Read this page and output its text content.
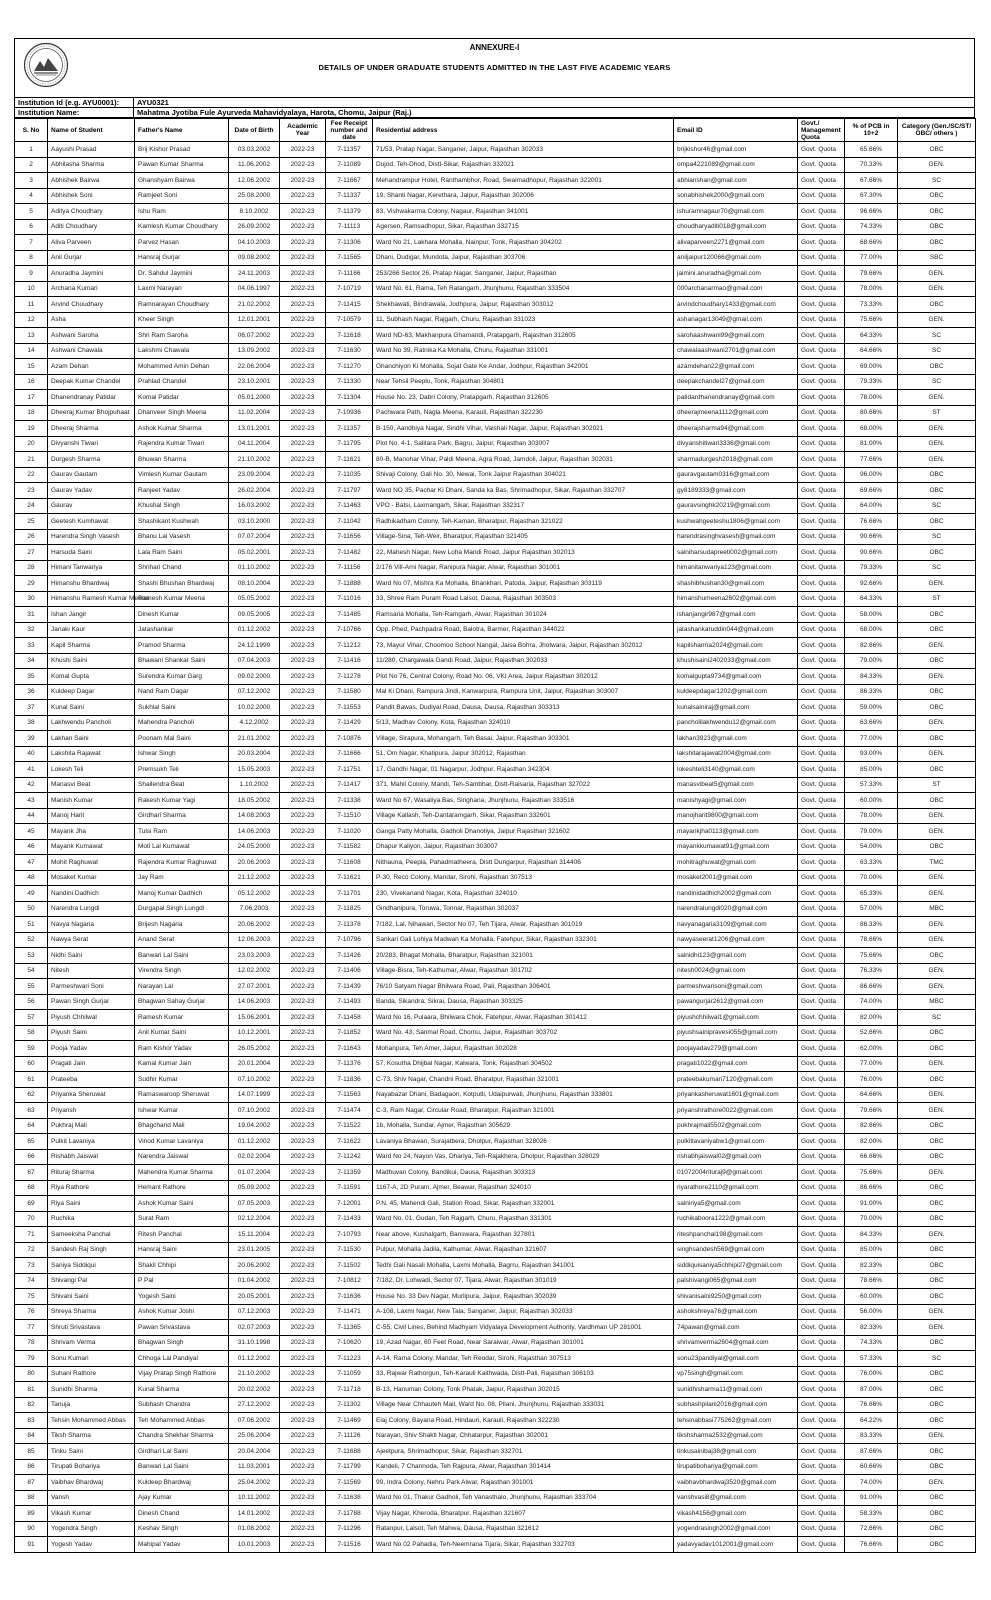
ANNEXURE-I
DETAILS OF UNDER GRADUATE STUDENTS ADMITTED IN THE LAST FIVE ACADEMIC YEARS
Institution Id (e.g. AYU0001):	AYU0321
Institution Name:	Mahatma Jyotiba Fule Ayurveda Mahavidyalaya, Harota, Chomu, Jaipur (Raj.)
S. No	Name of Student	Father's Name	Date of Birth	Academic Year	Fee Receipt number and date	Residential address	Email ID	Govt./ Management Quota	% of PCB in 10+2	Category (Gen./SC/ST/ OBC/ others )
1	Aayushi Prasad	Brij Kishor Prasad	03.03.2002	2022-23	7-11357	71/53, Pratap Nagar, Sanganer, Jaipur, Rajasthan 302033	brijkishor46@gmail.com	Govt. Quota	65.66%	OBC
2	Abhilasha Sharma	Pawan Kumar Sharma	11.06.2002	2022-23	7-11089	Dujod, Teh-Dhod, Distt-Sikar, Rajasthan 332021	ompa4221089@gmail.com	Govt. Quota	70.33%	GEN.
3	Abhishek Bairwa	Ghanshyam Bairwa	12.06.2002	2022-23	7-11667	Mehandrampur Hotel, Ranthambhor, Road, Swaimadhopur, Rajasthan 322001	abhianshan@gmail.com	Govt. Quota	67.66%	SC
4	Abhishek Soni	Ramjeet Soni	25.08.2000	2022-23	7-11337	19, Shanti Nagar, Kerethara, Jaipur, Rajasthan 302006	sonabhishek2000@gmail.com	Govt. Quota	67.30%	OBC
5	Aditya Choudhary	Ishu Ram	8.10.2002	2022-23	7-11379	83, Vishwakarma Colony, Nagaur, Rajasthan 341001	ishuramnagaur70@gmail.com	Govt. Quota	96.66%	OBC
6	Aditi Choudhary	Kamlesh Kumar Choudhary	26.09.2002	2022-23	7-11113	Agersen, Ramsadhopur, Sikar, Rajasthan 332715	choudharyaditi018@gmail.com	Govt. Quota	74.33%	OBC
7	Aliva Parveen	Parvez Hasan	04.10.2003	2022-23	7-11306	Ward No 21, Lakhara Mohalla, Nainpur, Tonk, Rajasthan 304202	alivaparveen2271@gmail.com	Govt. Quota	68.66%	OBC
8	Anil Gurjar	Hansraj Gurjar	09.08.2002	2022-23	7-11565	Dhani, Dudigar, Mundota, Jaipur, Rajasthan 303706	aniljaipur120066@gmail.com	Govt. Quota	77.00%	SBC
9	Anuradha Jaymini	Dr. Sahdul Jaymini	24.11.2003	2022-23	7-11166	253/266 Sector 26, Pratap Nagar, Sanganer, Jaipur, Rajasthan	jaimini.anuradha@gmail.com	Govt. Quota	79.66%	GEN.
10	Archana Kumari	Laxmi Narayan	04.06.1997	2022-23	7-10719	Ward No. 61, Rama, Teh Ratangarh, Jhunjhunu, Rajasthan 333504	000archanarmao@gmail.com	Govt. Quota	78.00%	GEN.
11	Arvind Choudhary	Ramnarayan Choudhary	21.02.2002	2022-23	7-11415	Shekhawati, Bindrawala, Jodhpura, Jaipur, Rajasthan 303012	arvindchoudhary1433@gmail.com	Govt. Quota	73.33%	OBC
12	Asha	Kheer Singh	12.01.2001	2022-23	7-10579	11, Subhash Nagar, Rajgarh, Churu, Rajasthan 331023	ashanagar13049@gmail.com	Govt. Quota	75.66%	GEN.
13	Ashwani Saroha	Shri Ram Saroha	06.07.2002	2022-23	7-11618	Ward ND-63, Makhanpura Ghamandi, Pratapgarh, Rajasthan 312605	sarohaashwani99@gmail.com	Govt. Quota	64.33%	SC
14	Ashwani Chawala	Lakshmi Chawala	13.09.2002	2022-23	7-11630	Ward No 39, Ratnika Ka Mohalla, Churu, Rajasthan 331001	chawalaashwani2701@gmail.com	Govt. Quota	64.66%	SC
15	Azam Dehan	Mohammed Amin Dehan	22.06.2004	2022-23	7-11270	Ghanchiyon Ki Mohalla, Sojat Gate Ke Andar, Jodhpur, Rajasthan 342001	azamdehan22@gmail.com	Govt. Quota	69.00%	OBC
16	Deepak Kumar Chandel	Prahlad Chandel	23.10.2001	2022-23	7-11330	Near Tehsil Peeplu, Tonk, Rajasthan 304801	deepakchandel27@gmail.com	Govt. Quota	79.33%	SC
17	Dhanendranay Patidar	Komal Patidar	05.01.2000	2022-23	7-11304	House No. 23, Dabri Colony, Pratapgarh, Rajasthan 312605	patidardhanendranay@gmail.com	Govt. Quota	78.00%	GEN.
18	Dheeraj Kumar Bhojpuhaat	Dhanveer Singh Meena	11.02.2004	2022-23	7-10936	Pachwara Path, Nagla Meena, Karauli, Rajasthan 322230	dheerajmeena1112@gmail.com	Govt. Quota	80.66%	ST
19	Dheeraj Sharma	Ashok Kumar Sharma	13.01.2001	2022-23	7-11357	B-150, Aandhiya Nagar, Sindhi Vihar, Vaishali Nagar, Jaipur, Rajasthan 302021	dheerajsharma94@gmail.com	Govt. Quota	68.00%	GEN.
20	Divyanshi Tiwari	Rajendra Kumar Tiwari	04.11.2004	2022-23	7-11795	Plot No. 4-1, Salitara Park, Bagru, Jaipur, Rajasthan 303007	divyanshitiwari3336@gmail.com	Govt. Quota	81.00%	GEN.
21	Durgesh Sharma	Bhuwan Sharma	21.10.2002	2022-23	7-11621	80-B, Manohar Vihar, Paldi Meena, Agra Road, Jamdoli, Jaipur, Rajasthan 302031	sharmadurgesh2018@gmail.com	Govt. Quota	77.66%	GEN.
22	Gaurav Gautam	Vimlesh Kumar Gautam	23.09.2004	2022-23	7-11035	Shivaji Colony, Gali No. 30, Newai, Tonk Jaipur Rajasthan 304021	gauravgautam0316@gmail.com	Govt. Quota	96.00%	OBC
23	Gaurav Yadav	Ranjeet Yadav	26.02.2004	2022-23	7-11797	Ward NO 35, Pachar Ki Dhani, Sanda ka Bas, Shrimadhopur, Sikar, Rajasthan 332707	gy8189333@gmail.com	Govt. Quota	69.66%	OBC
24	Gaurav	Khushal Singh	16.03.2002	2022-23	7-11463	VPO - Batsi, Laxmangarh, Sikar, Rajasthan 332317	gauravsinghk20219@gmail.com	Govt. Quota	64.00%	SC
25	Geetesh Kumhawat	Shashikant Kushwah	03.10.2000	2022-23	7-11042	Radhikadham Colony, Teh-Kaman, Bharatpur, Rajasthan 321022	kushwahgeeteshu1806@gmail.com	Govt. Quota	76.66%	OBC
26	Harendra Singh Vasesh	Bhanu Lal Vasesh	07.07.2004	2022-23	7-11656	Village-Sina, Teh-Weir, Bharatpur, Rajasthan 321405	harendrasinghvasesh@gmail.com	Govt. Quota	90.66%	SC
27	Harsuda Saini	Lala Ram Saini	05.02.2001	2022-23	7-11482	22, Mahesh Nagar, New Loha Mandi Road, Jaipur Rajasthan 302013	sainiharsudapreeti002@gmail.com	Govt. Quota	90.66%	OBC
28	Himani Tanwariya	Shrihari Chand	01.10.2002	2022-23	7-11156	2/176 Vill-Arni Nagar, Ranipura Nagar, Alwar, Rajasthan 301001	himanitanwariya123@gmail.com	Govt. Quota	79.33%	SC
29	Himanshu Bhardwaj	Shashi Bhushan Bhardwaj	08.10.2004	2022-23	7-11888	Ward No 07, Mishra Ka Mohalla, Bhankhari, Patoda, Jaipur, Rajasthan 303119	shashibhushan30@gmail.com	Govt. Quota	92.66%	GEN.
30	Himanshu Ramesh Kumar Meena	Ramesh Kumar Meena	05.05.2002	2022-23	7-11016	33, Shree Ram Puram Road Lalsot, Dausa, Rajasthan 303503	himanshumeena2602@gmail.com	Govt. Quota	64.33%	ST
31	Ishan Jangir	Dinesh Kumar	09.05.2005	2022-23	7-11485	Ramsaria Mohalla, Teh-Ramgarh, Alwar, Rajasthan 301024	ishanjangir987@gmail.com	Govt. Quota	58.00%	OBC
32	Janaki Kaur	Jatashankar	01.12.2002	2022-23	7-10766	Opp. Phed, Pachpadra Road, Balotra, Barmer, Rajasthan 344022	jatashankaruddin044@gmail.com	Govt. Quota	68.00%	OBC
33	Kapil Sharma	Pramod Sharma	24.12.1999	2022-23	7-11212	73, Mayur Vihar, Choomoo School Nangal, Jaisa Bohra, Jhotwara, Jaipur, Rajasthan 302012	kapilsharma2024@gmail.com	Govt. Quota	82.66%	GEN.
34	Khushi Saini	Bhawani Shankar Saini	07.04.2003	2022-23	7-11416	11/280, Chargawala Gandi Road, Jaipur, Rajasthan 302033	khushisaini2402033@gmail.com	Govt. Quota	79.00%	OBC
35	Komal Gupta	Surendra Kumar Garg	09.02.2000	2022-23	7-11278	Plot No 76, Central Colony, Road No. 06, VKI Area, Jaipur Rajasthan 302012	komalgupta9734@gmail.com	Govt. Quota	84.33%	GEN.
36	Kuldeep Dagar	Nand Ram Dagar	07.12.2002	2022-23	7-11580	Mal Ki Dhani, Rampura Jindi, Kanwarpura, Rampura Unit, Jaipur, Rajasthan 303007	kuldeepdagar1202@gmail.com	Govt. Quota	86.33%	OBC
37	Kunal Saini	Sukhlal Saini	10.02.2000	2022-23	7-11553	Pandit Bawas, Dudiyal Road, Dausa, Dausa, Rajasthan 303313	kunalsainiraj@gmail.com	Govt. Quota	59.00%	OBC
38	Lakhwendu Pancholi	Mahendra Pancholi	4.12.2002	2022-23	7-11429	5/13, Madhav Colony, Kota, Rajasthan 324010	pancholilakhwendu12@gmail.com	Govt. Quota	63.66%	GEN.
39	Lakhan Saini	Poonam Mal Saini	21.01.2002	2022-23	7-10876	Village, Sirapura, Mohangarh, Teh Basai, Jaipur, Rajasthan 303301	lakhan3923@gmail.com	Govt. Quota	77.00%	OBC
40	Lakshita Rajawat	Ishwar Singh	20.03.2004	2022-23	7-11666	51, Om Nagar, Khatipura, Jaipur 302012, Rajasthan	lakshitarajawat2004@gmail.com	Govt. Quota	93.00%	GEN.
41	Lokesh Teli	Premsukh Teli	15.05.2003	2022-23	7-11751	17, Gandhi Nagar, 01 Nagarpur, Jodhpur, Rajasthan 342304	lokeshteli3140@gmail.com	Govt. Quota	85.00%	OBC
42	Manasvi Beat	Shailendra Beat	1.10.2002	2022-23	7-11417	371, Mahil Colony, Mandi, Teh-Sambhar, Distt-Raisaria, Rajasthan 327022	manasvibeat5@gmail.com	Govt. Quota	57.33%	ST
43	Manish Kumar	Rakesh Kumar Yagi	18.05.2002	2022-23	7-11338	Ward No 67, Wasaliya Bas, Sirighana, Jhunjhunu, Rajasthan 333516	manishyagi@gmail.com	Govt. Quota	60.00%	OBC
44	Manoj Harit	Girdhari Sharma	14.08.2003	2022-23	7-11510	Village Kallash, Teh-Dantaramgarh, Sikar, Rajasthan 332601	manojharit9800@gmail.com	Govt. Quota	78.00%	GEN.
45	Mayank Jha	Tulsi Ram	14.06.2003	2022-23	7-11020	Ganga Patty Mohalla, Gadholi Dhanotiya, Jaipur Rajasthan 321602	mayankjha0113@gmail.com	Govt. Quota	79.00%	GEN.
46	Mayank Kumawat	Moti Lal Kumawat	24.05.2000	2022-23	7-11582	Dhapur Kaliyon, Jaipur, Rajasthan 303007	mayankkumawat91@gmail.com	Govt. Quota	54.00%	OBC
47	Mohit Raghuwat	Rajendra Kumar Raghuwat	20.06.2003	2022-23	7-11608	Nithauna, Peepla, Pahadmatheera, Distt Dungarpur, Rajasthan 314406	mohitraghuwat@gmail.com	Govt. Quota	63.33%	TMC
48	Mosaket Kumar	Jay Ram	21.12.2002	2022-23	7-11621	P-30, Reco Colony, Mandar, Sirohi, Rajasthan 307513	mosaket2001@gmail.com	Govt. Quota	70.00%	GEN.
49	Nandini Dadhich	Manoj Kumar Dadhich	05.12.2002	2022-23	7-11701	230, Vivekanand Nagar, Kota, Rajasthan 324010	nandinidadhich2002@gmail.com	Govt. Quota	65.33%	GEN.
50	Narendra Lungdi	Durgapal Singh Lungdi	7.06.2003	2022-23	7-11825	Gindhanipura, Toruwa, Tonnar, Rajasthan 302037	narendralungdi020@gmail.com	Govt. Quota	57.00%	MBC
51	Navya Nagaria	Brijesh Nagaria	20.06.2002	2022-23	7-11378	7/182, Lal, Nihawari, Sector No 07, Teh Tijara, Alwar, Rajasthan 301019	navyanagaria3109@gmail.com	Govt. Quota	86.33%	GEN.
52	Nawya Serat	Anand Serat	12.06.2003	2022-23	7-10796	Sankari Gali Lohiya Madwan Ka Mohalla, Fatehpur, Sikar, Rajasthan 332301	nawyaseerat1206@gmail.com	Govt. Quota	78.66%	GEN.
53	Nidhi Saini	Banwari Lal Saini	23.03.2003	2022-23	7-11426	20/283, Bhagat Mohalla, Bharatpur, Rajasthan 321001	sainidhi123@gmail.com	Govt. Quota	75.66%	OBC
54	Nitesh	Virendra Singh	12.02.2002	2022-23	7-11406	Village-Bisra, Teh-Kathumar, Alwar, Rajasthan 301702	nitesh0024@gmail.com	Govt. Quota	76.33%	GEN.
55	Parmeshwari Soni	Narayan Lal	27.07.2001	2022-23	7-11439	76/10 Satyam Nagar Bhilwara Road, Pali, Rajasthan 306401	parmeshwarisoni@gmail.com	Govt. Quota	86.66%	GEN.
56	Pawan Singh Gurjar	Bhagwan Sahay Gurjar	14.06.2003	2022-23	7-11493	Banda, Sikandra, Sikrai, Dausa, Rajasthan 303325	pawangurjar2612@gmail.com	Govt. Quota	74.00%	MBC
57	Piyush Chhilwal	Ramesh Kumar	15.06.2001	2022-23	7-11458	Ward No 16, Pulaara, Bhilwara Chok, Fatehpur, Alwar, Rajasthan 301412	piyushchhilwal1@gmail.com	Govt. Quota	82.00%	SC
58	Piyush Saini	Anil Kumar Saini	10.12.2001	2022-23	7-11852	Ward No. 43, Sanmal Road, Chomu, Jaipur, Rajasthan 303702	piyushsainipravesi055@gmail.com	Govt. Quota	52.66%	OBC
59	Pooja Yadav	Ram Kishor Yadav	26.05.2002	2022-23	7-11643	Mohanpura, Teh Amer, Jaipur, Rajasthan 302028	poojayadav279@gmail.com	Govt. Quota	62.00%	OBC
60	Pragati Jain	Kamal Kumar Jain	20.01.2004	2022-23	7-11376	57, Kosutha Dhijbal Nagar, Kalwara, Tonk, Rajasthan 304502	pragati1022@gmail.com	Govt. Quota	77.00%	GEN.
61	Prateeba	Sudhir Kumar	07.10.2002	2022-23	7-11836	C-73, Shiv Nagar, Chandni Road, Bharatpur, Rajasthan 321001	prateebakumari7120@gmail.com	Govt. Quota	76.00%	OBC
62	Priyanka Sheruwat	Ramaswaroop Sheruwat	14.07.1999	2022-23	7-11563	Nayabazar Dhani, Badagaon, Kotputli, Udaipurwati, Jhunjhunu, Rajasthan 333801	priyankasheruwat1601@gmail.com	Govt. Quota	64.66%	GEN.
63	Priyansh	Ishwar Kumar	07.10.2002	2022-23	7-11474	C-3, Ram Nagar, Circular Road, Bharatpur, Rajasthan 321001	priyanshrathore0022@gmail.com	Govt. Quota	79.66%	GEN.
64	Pukhraj Mali	Bhagchand Mali	19.04.2002	2022-23	7-11522	1b, Mohalla, Sundar, Ajmer, Rajasthan 305629	pukhrajmali5502@gmail.com	Govt. Quota	82.66%	OBC
65	Pulkit Lavaniya	Vinod Kumar Lavaniya	01.12.2002	2022-23	7-11622	Lavaniya Bhawan, Surajatbera, Dholpur, Rajasthan 328026	pulkitlavaniyabw1@gmail.com	Govt. Quota	82.00%	OBC
66	Rishabh Jaiswal	Narendra Jaiswal	02.02.2004	2022-23	7-11242	Ward No 24, Nayon Vas, Dhariya, Teh-Rajakhera, Dholpur, Rajasthan 328029	rishabhjaiswal02@gmail.com	Govt. Quota	66.66%	OBC
67	Rituraj Sharma	Mahendra Kumar Sharma	01.07.2004	2022-23	7-11359	Madhuvan Colony, Bandikui, Dausa, Rajasthan 303313	01072004rituraj9@gmail.com	Govt. Quota	75.66%	GEN.
68	Riya Rathore	Hemant Rathore	05.09.2002	2022-23	7-11591	1167-A, 2D Puram, Ajmer, Beawar, Rajasthan 324010	riyarathore2110@gmail.com	Govt. Quota	86.66%	OBC
69	Riya Saini	Ashok Kumar Saini	07.05.2003	2022-23	7-12001	P.N. 45, Mahendi Gali, Station Road, Sikar, Rajasthan 332001	sainiriya5@gmail.com	Govt. Quota	91.00%	OBC
70	Ruchika	Surat Ram	02.12.2004	2022-23	7-11433	Ward No. 01, Gudan, Teh Rajgarh, Churu, Rajasthan 331301	ruchikaboora1222@gmail.com	Govt. Quota	70.00%	OBC
71	Sameeksha Panchal	Ritesh Panchal	15.11.2004	2022-23	7-10793	Near above, Kushalgarh, Banswara, Rajasthan 327801	riteshpanchal198@gmail.com	Govt. Quota	84.33%	GEN.
72	Sandesh Raj Singh	Hansraj Saini	23.01.2005	2022-23	7-11530	Pulpur, Mohalla Jadila, Kathumar, Alwar, Rajasthan 321607	singhsandesh569@gmail.com	Govt. Quota	85.00%	OBC
73	Saniya Siddiqui	Shakil Chhipi	20.06.2002	2022-23	7-11502	Tedhi Gali Nasali Mohalla, Laxmi Mohalla, Bagrru, Rajasthan 341001	siddiquisaniya5chhipi27@gmail.com	Govt. Quota	82.33%	OBC
74	Shivangi Pal	P Pal	01.04.2002	2022-23	7-10812	7/182, Dr. Lohwadi, Sector 07, Tijara, Alwar, Rajasthan 301019	palshivangi065@gmail.com	Govt. Quota	78.66%	OBC
75	Shivani Saini	Yogesh Saini	20.05.2001	2022-23	7-11636	House No. 33 Dev Nagar, Murlipura, Jaipur, Rajasthan 302039	shivanisaini9250@gmail.com	Govt. Quota	60.00%	OBC
76	Shreya Sharma	Ashok Kumar Joshi	07.12.2003	2022-23	7-11471	A-108, Laxmi Nagar, New Tala, Sanganer, Jaipur, Rajasthan 302033	ashokshreya76@gmail.com	Govt. Quota	56.00%	GEN.
77	Shruti Srivastava	Pawan Srivastava	02.07.2003	2022-23	7-11365	C-55, Civil Lines, Behind Madhyam Vidyalaya Development Authority, Vardhman UP 281001	74pawan@gmail.com	Govt. Quota	82.33%	GEN.
78	Shrivam Verma	Bhagwan Singh	31.10.1998	2022-23	7-10620	19, Azad Nagar, 60 Feet Road, Near Saraiwar, Alwar, Rajasthan 301001	shrivamverma2604@gmail.com	Govt. Quota	74.33%	OBC
79	Sonu Kumari	Chhoga Lal Pandiyal	01.12.2002	2022-23	7-11223	A-14, Rama Colony, Mandar, Teh Reodar, Sirohi, Rajasthan 307513	sonu23pandiyal@gmail.com	Govt. Quota	57.33%	SC
80	Suhani Rathore	Vijay Pratap Singh Rathore	21.10.2002	2022-23	7-11059	33, Rajwar Rathorgun, Teh-Karauli Kaithwada, Distt-Pali, Rajasthan 306103	vp75singh@gmail.com	Govt. Quota	76.00%	OBC
81	Sunidhi Sharma	Kunal Sharma	20.02.2002	2022-23	7-11718	B-13, Hanuman Colony, Tonk Phatak, Jaipur, Rajasthan 302015	sunidhisharma11@gmail.com	Govt. Quota	87.00%	OBC
82	Tanuja	Subhash Chandra	27.12.2002	2022-23	7-11302	Village Near Chhauteh Mail, Ward No. 08, Pilani, Jhunjhunu, Rajasthan 333031	subhashpilani2016@gmail.com	Govt. Quota	76.66%	OBC
83	Tehsin Mohammed Abbas	Teh Mohammed Abbas	07.06.2002	2022-23	7-11469	Elaj Colony, Bayana Road, Hindaun, Karauli, Rajasthan 322230	tehsinabbasi775262@gmail.com	Govt. Quota	64.22%	OBC
84	Tiksh Sharma	Chandra Shekhar Sharma	25.06.2004	2022-23	7-11126	Narayan, Shiv Shakti Nagar, Chhatarpur, Rajasthan 302001	tikshsharma2532@gmail.com	Govt. Quota	83.33%	GEN.
85	Tinku Saini	Girdhari Lal Saini	20.04.2004	2022-23	7-11688	Ajeetpura, Shrimadhopur, Sikar, Rajasthan 332701	tinkusainibaj38@gmail.com	Govt. Quota	87.66%	OBC
86	Tirupati Bohariya	Banwari Lal Saini	11.03.2001	2022-23	7-11799	Kandeli, 7 Channoda, Teh Rajpura, Alwar, Rajasthan 301414	tirupatibohariya@gmail.com	Govt. Quota	60.66%	OBC
87	Vaibhav Bhardwaj	Kuldeep Bhardwaj	25.04.2002	2022-23	7-11569	99, Indra Colony, Nehru Park Alwar, Rajasthan 301001	vaibhavbhardwaj3520@gmail.com	Govt. Quota	74.00%	GEN.
88	Vansh	Ajay Kumar	10.11.2002	2022-23	7-11638	Ward No 01, Thakur Gadholi, Teh Vanasthalo, Jhunjhunu, Rajasthan 333704	vanshvasi8@gmail.com	Govt. Quota	91.00%	OBC
89	Vikash Kumar	Dinesh Chand	14.01.2002	2022-23	7-11788	Vijay Nagar, Kheroda, Bharatpur, Rajasthan 321607	vikash4156@gmail.com	Govt. Quota	58.33%	OBC
90	Yogendra Singh	Keshav Singh	01.08.2002	2022-23	7-11296	Ratanpur, Lalsot, Teh Mahwa, Dausa, Rajasthan 321612	yogendrasingh2002@gmail.com	Govt. Quota	72.66%	OBC
91	Yogesh Yadav	Mahipal Yadav	10.01.2003	2022-23	7-11516	Ward No 02 Pahadia, Teh-Neemrana Tijara, Sikar, Rajasthan 332703	yadavyadav1012001@gmail.com	Govt. Quota	76.66%	OBC
